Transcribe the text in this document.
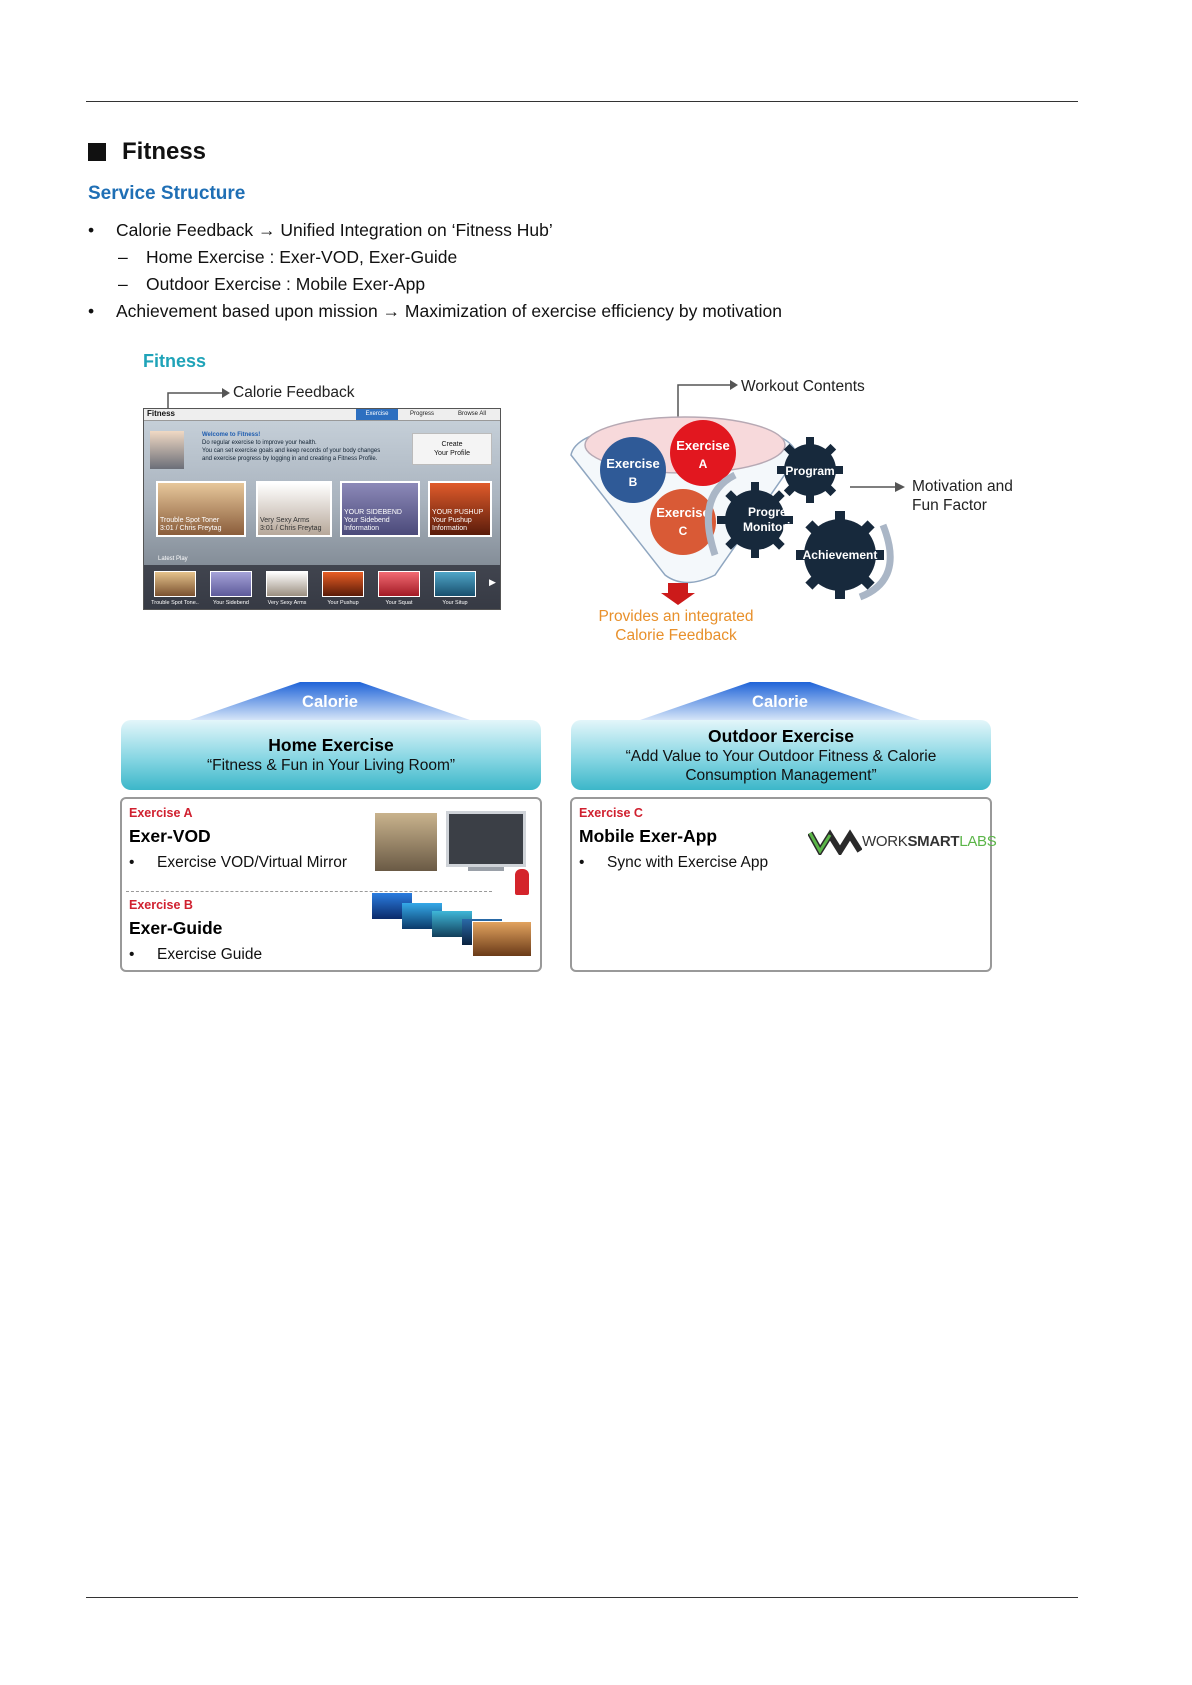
Fitness
Service Structure
•	Calorie Feedback → Unified Integration on ‘Fitness Hub’
–	Home Exercise : Exer-VOD, Exer-Guide
–	Outdoor Exercise : Mobile Exer-App
•	Achievement based upon mission → Maximization of exercise efficiency by motivation
Fitness
Calorie Feedback
Fitness	Exercise	Progress	Browse All
Welcome to Fitness!
Do regular exercise to improve your health.
You can set exercise goals and keep records of your body changes
and exercise progress by logging in and creating a Fitness Profile.
Create
Your Profile
Trouble Spot Toner
3:01 / Chris Freytag
Very Sexy Arms
3:01 / Chris Freytag
YOUR SIDEBEND
Your Sidebend Information
YOUR PUSHUP
Your Pushup Information
Latest Play
Trouble Spot Tone..	Your Sidebend	Very Sexy Arms	Your Pushup	Your Squat	Your Situp
▶
Exercise
A
Exercise
B
Exercise
C
Program
Progress
Monitoring
Achievement
Workout Contents
Motivation and
Fun Factor
Provides an integrated
Calorie Feedback
Calorie
Home Exercise
“Fitness & Fun in Your Living Room”
Exercise A
Exer-VOD
• Exercise VOD/Virtual Mirror
Exercise B
Exer-Guide
• Exercise Guide
Calorie
Outdoor Exercise
“Add Value to Your Outdoor Fitness & Calorie
Consumption Management”
Exercise C
Mobile Exer-App
• Sync with Exercise App
WORKSMARTLABS
